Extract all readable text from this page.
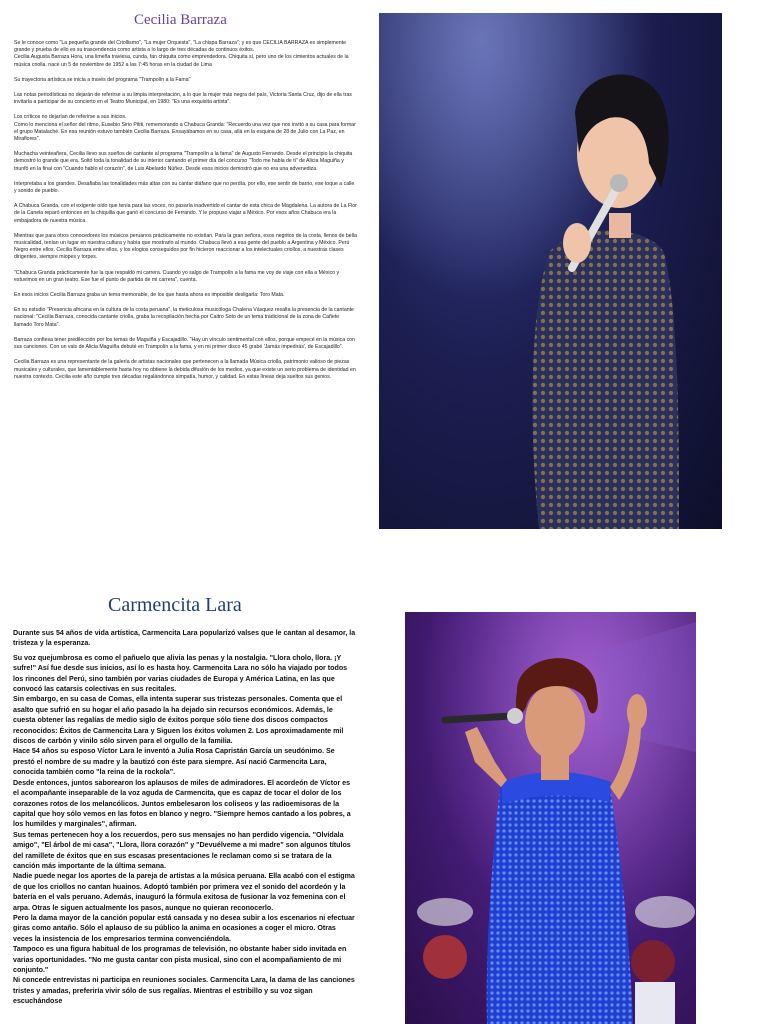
Cecilia Barraza

Se le conoce como "La pequeña grande del Criollismo", "La mujer Orquesta", "La chispa Barraza"; y es que CECILIA BARRAZA es simplemente grande y prueba de ello es su trascendencia como artista a lo largo de tres décadas de continuos éxitos.
Cecilia Augusta Barraza Hora, una limeña traviesa, cunda, fan chiquita como emprendedora. Chiquita sí, pero uno de los cimientos actuales de la música criolla. nace un 5 de noviembre de 1952 a las 7:45 horas en la ciudad de Lima

Su trayectoria artística se inicia a través del programa "Trampolín a la Fama"

Las notas periodísticas no dejarán de referirse a su limpia interpretación, a lo que la mujer más negra del país, Victoria Santa Cruz, dijo de ella tras invitarla a participar de su concierto en el Teatro Municipal, en 1980: "Es una exquisita artista".

Los críticos no dejarían de referirse a sus inicios.
Como lo menciona el señor del ritmo, Eusebio Sirio Pititi, rememorando a Chabuca Granda: "Recuerdo una vez que nos invitó a su casa para formar el grupo Matalaché. En esa reunión estuvo también Cecilia Barraza. Ensayábamos en su casa, allá en la esquina de 28 de Julio con La Paz, en Miraflores".

Muchacha veinteañera, Cecilia llevo sus sueños de cantante al programa "Trampolín a la fama" de Augusto Ferrando. Desde el principio la chiquita demostró lo grande que era. Soltó toda la tonalidad de su interior cantando el primer día del concurso "Todo me habla de ti" de Alicia Maguiña y triunfó en la final con "Cuando hablo el corazón", de Luis Abelardo Núñez. Desde esos inicios demostró que no era una advenediza.

Interpretaba a los grandes. Desafiaba las tonalidades más altas con su cantar diáfano que no perdía, por ello, ese sentir de barrio, ese toque a calle y sonido de pueblo.

A Chabuca Granda, con el exigente oído que tenía para las voces, no pasaría inadvertido el cantar de esta chica de Magdalena. La autora de La Flor de la Canela reparó entonces en la chiquilla que ganó el concurso de Ferrando. Y le propuso viajar a México. Por esos años Chabuca era la embajadora de nuestra música.

Mientras que para otros conocedores los músicos peruanos prácticamente no existían. Para la gran señora, esos negritos de la costa, llenos de bella musicalidad, tenían un lugar en nuestra cultura y había que mostrarlo al mundo. Chabuca llevó a esa gente del pueblo a Argentina y México. Perú Negro entre ellos. Cecilia Barraza entre ellos, y los elogios conseguidos por fin hicieron reaccionar a los intelectuales criollos, a nuestras clases dirigentes, siempre miopes y torpes.

"Chabuca Granda prácticamente fue la que respaldó mi carrera. Cuando yo salgo de Trampolín a la fama me voy de viaje con ella a México y estuvimos en un gran teatro. Ese fue el punto de partida de mi carrera", cuenta.

En esos inicios Cecilia Barraza graba un tema memorable, de los que hasta ahora es imposible desligarla: Toro Mata.

En su estudio "Presencia africana en la cultura de la costa peruana", la meticulosa musicóloga Chalena Vásquez resalta la presencia de la cantante nacional: "Cecilia Barraza, conocida cantante criolla, graba la recopilación hecha por Caitro Soto de un tema tradicional de la zona de Cañete llamado Toro Mata".

Barraza confiesa tener predilección por los temas de Maguiña y Escajadillo. "Hay un vínculo sentimental con ellos, porque empecé en la música con sus canciones. Con un vals de Alicia Maguiña debuté en Trampolín a la fama, y en mi primer disco 45 grabé 'Jamás impedirás', de Escajadillo".

Cecilia Barraza es una representante de la galería de artistas nacionales que pertenecen a la llamada Música criolla, patrimonio valioso de piezas musicales y culturales, que lamentablemente hasta hoy no obtiene la debida difusión de los medios, ya que existe un serio problema de identidad en nuestra contexto. Cecilia este año cumple tres décadas regalándonos simpatía, humor, y calidad. En estas líneas deja sueltos sus genios.

Carmencita Lara

Durante sus 54 años de vida artística, Carmencita Lara popularizó valses que le cantan al desamor, la tristeza y la esperanza.

Su voz quejumbrosa es como el pañuelo que alivia las penas y la nostalgia. "Llora cholo, llora. ¡Y sufre!" Así fue desde sus inicios, así lo es hasta hoy. Carmencita Lara no sólo ha viajado por todos los rincones del Perú, sino también por varias ciudades de Europa y América Latina, en las que convocó las catarsis colectivas en sus recitales.
Sin embargo, en su casa de Comas, ella intenta superar sus tristezas personales. Comenta que el asalto que sufrió en su hogar el año pasado la ha dejado sin recursos económicos. Además, le cuesta obtener las regalías de medio siglo de éxitos porque sólo tiene dos discos compactos reconocidos: Éxitos de Carmencita Lara y Siguen los éxitos volumen 2. Los aproximadamente mil discos de carbón y vinilo sólo sirven para el orgullo de la familia.
Hace 54 años su esposo Víctor Lara le inventó a Julia Rosa Capristán García un seudónimo. Se prestó el nombre de su madre y la bautizó con éste para siempre. Así nació Carmencita Lara, conocida también como "la reina de la rockola".
Desde entonces, juntos saborearon los aplausos de miles de admiradores. El acordeón de Víctor es el acompañante inseparable de la voz aguda de Carmencita, que es capaz de tocar el dolor de los corazones rotos de los melancólicos. Juntos embelesaron los coliseos y las radioemisoras de la capital que hoy sólo vemos en las fotos en blanco y negro. "Siempre hemos cantado a los pobres, a los humildes y marginales", afirman.
Sus temas pertenecen hoy a los recuerdos, pero sus mensajes no han perdido vigencia. "Olvídala amigo", "El árbol de mi casa", "Llora, llora corazón" y "Devuélveme a mi madre" son algunos títulos del ramillete de éxitos que en sus escasas presentaciones le reclaman como si se tratara de la canción más importante de la última semana.
Nadie puede negar los aportes de la pareja de artistas a la música peruana. Ella acabó con el estigma de que los criollos no cantan huainos. Adoptó también por primera vez el sonido del acordeón y la batería en el vals peruano. Además, inauguró la fórmula exitosa de fusionar la voz femenina con el arpa. Otras le siguen actualmente los pasos, aunque no quieran reconocerlo.
Pero la dama mayor de la canción popular está cansada y no desea subir a los escenarios ni efectuar giras como antaño. Sólo el aplauso de su público la anima en ocasiones a coger el micro. Otras veces la insistencia de los empresarios termina convenciéndola.
Tampoco es una figura habitual de los programas de televisión, no obstante haber sido invitada en varias oportunidades. "No me gusta cantar con pista musical, sino con el acompañamiento de mi conjunto."
Ni concede entrevistas ni participa en reuniones sociales. Carmencita Lara, la dama de las canciones tristes y amadas, preferiría vivir sólo de sus regalías. Mientras el estribillo y su voz sigan escuchándose
